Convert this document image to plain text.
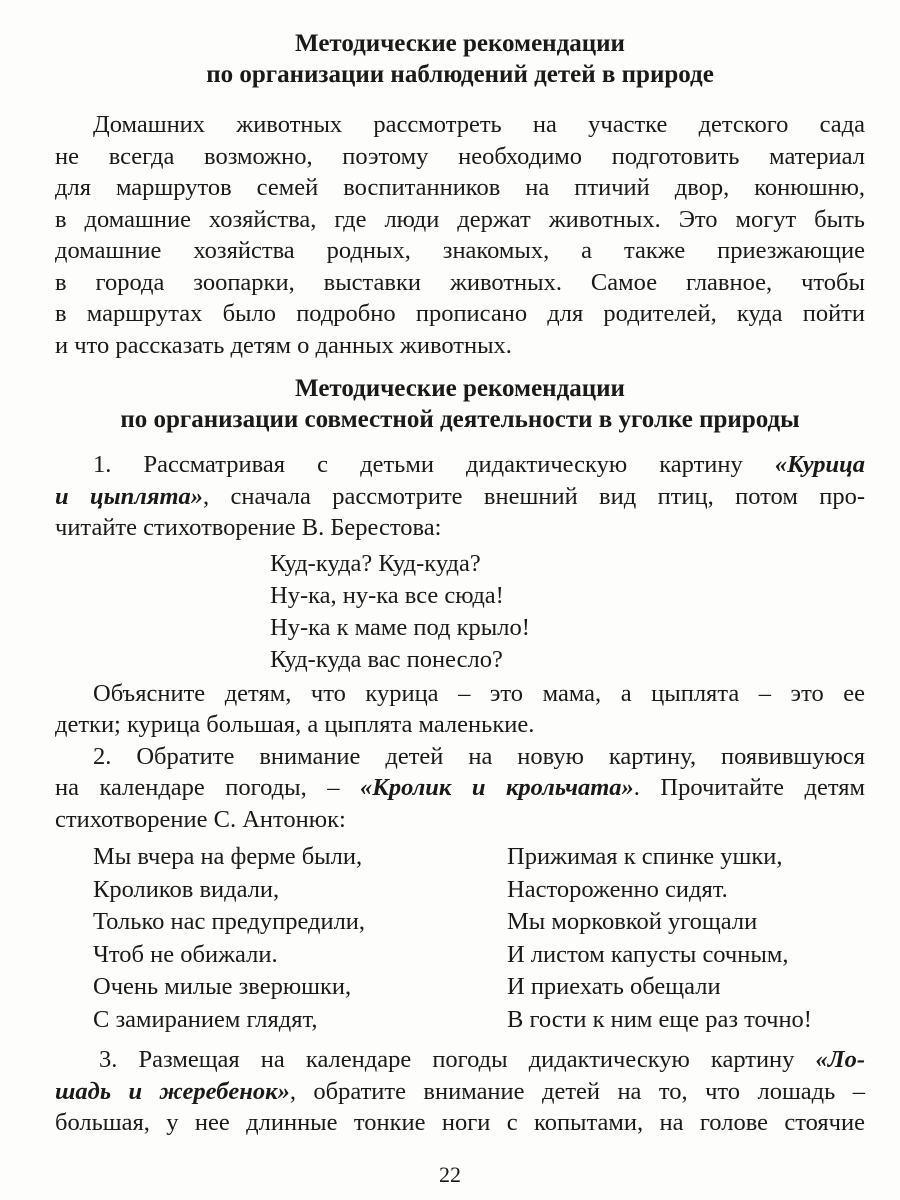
Методические рекомендации
по организации наблюдений детей в природе
Домашних животных рассмотреть на участке детского сада
не всегда возможно, поэтому необходимо подготовить материал
для маршрутов семей воспитанников на птичий двор, конюшню,
в домашние хозяйства, где люди держат животных. Это могут быть
домашние хозяйства родных, знакомых, а также приезжающие
в города зоопарки, выставки животных. Самое главное, чтобы
в маршрутах было подробно прописано для родителей, куда пойти
и что рассказать детям о данных животных.
Методические рекомендации
по организации совместной деятельности в уголке природы
1. Рассматривая с детьми дидактическую картину «Курица
и цыплята», сначала рассмотрите внешний вид птиц, потом про-
читайте стихотворение В. Берестова:
Куд-куда? Куд-куда?
Ну-ка, ну-ка все сюда!
Ну-ка к маме под крыло!
Куд-куда вас понесло?
Объясните детям, что курица – это мама, а цыплята – это ее
детки; курица большая, а цыплята маленькие.
2. Обратите внимание детей на новую картину, появившуюся
на календаре погоды, – «Кролик и крольчата». Прочитайте детям
стихотворение С. Антонюк:
Мы вчера на ферме были,
Кроликов видали,
Только нас предупредили,
Чтоб не обижали.
Очень милые зверюшки,
С замиранием глядят,
Прижимая к спинке ушки,
Настороженно сидят.
Мы морковкой угощали
И листом капусты сочным,
И приехать обещали
В гости к ним еще раз точно!
3. Размещая на календаре погоды дидактическую картину «Ло-
шадь и жеребенок», обратите внимание детей на то, что лошадь –
большая, у нее длинные тонкие ноги с копытами, на голове стоячие
22
